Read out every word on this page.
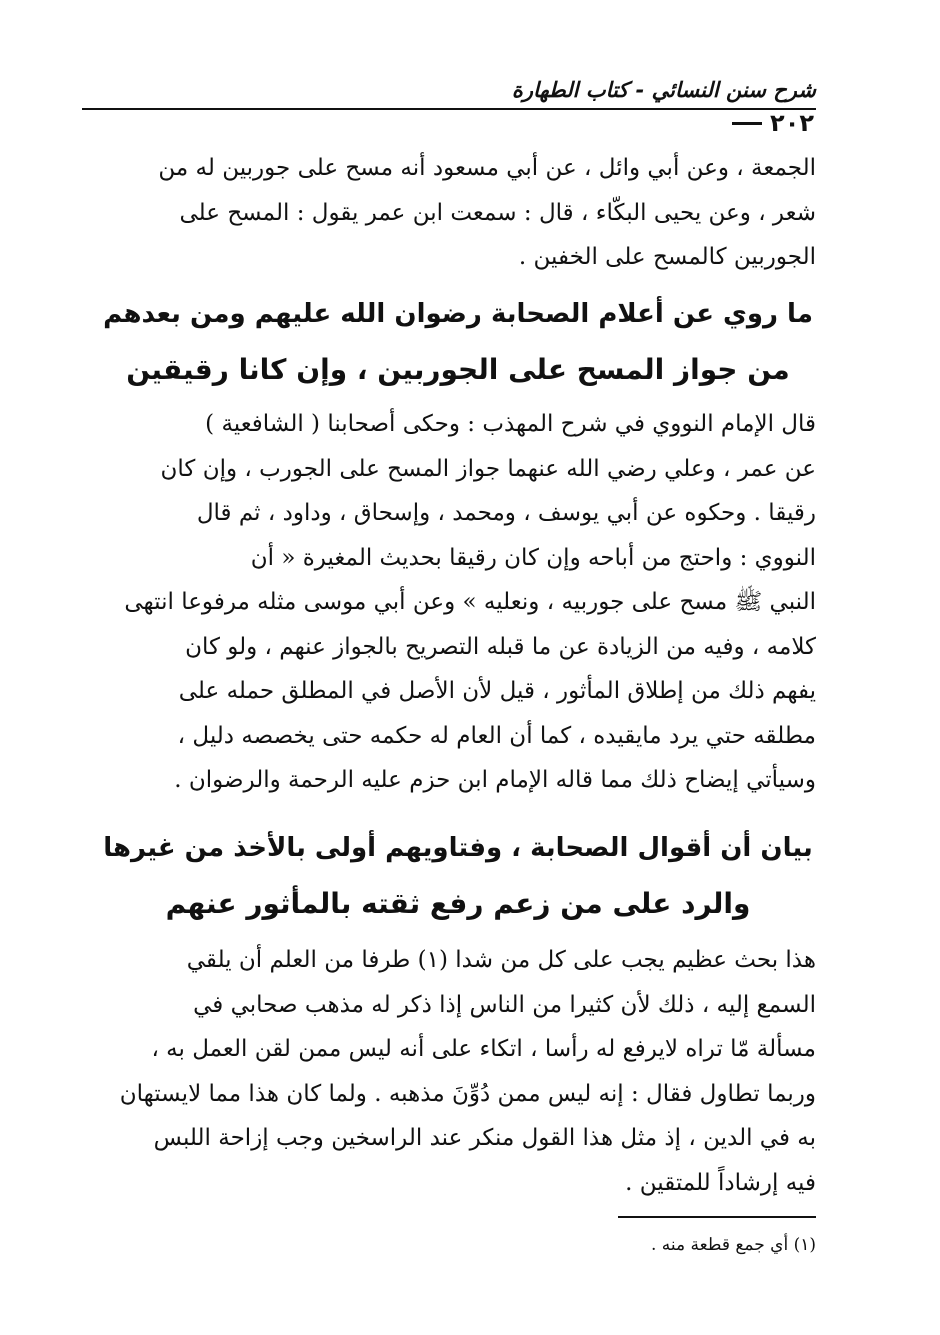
شرح سنن النسائي - كتاب الطهارة
٢٠٢

الجمعة ، وعن أبي وائل ، عن أبي مسعود أنه مسح على جوربين له من
شعر ، وعن يحيى البكّاء ، قال : سمعت ابن عمر يقول : المسح على
الجوربين كالمسح على الخفين .

ما روي عن أعلام الصحابة رضوان الله عليهم ومن بعدهم
من جواز المسح على الجوربين ، وإن كانا رقيقين

قال الإمام النووي في شرح المهذب : وحكى أصحابنا ( الشافعية )
عن عمر ، وعلي رضي الله عنهما جواز المسح على الجورب ، وإن كان
رقيقا . وحكوه عن أبي يوسف ، ومحمد ، وإسحاق ، وداود ، ثم قال
النووي : واحتج من أباحه وإن كان رقيقا بحديث المغيرة « أن
النبي ﷺ مسح على جوربيه ، ونعليه » وعن أبي موسى مثله مرفوعا انتهى
كلامه ، وفيه من الزيادة عن ما قبله التصريح بالجواز عنهم ، ولو كان
يفهم ذلك من إطلاق المأثور ، قيل لأن الأصل في المطلق حمله على
مطلقه حتي يرد مايقيده ، كما أن العام له حكمه حتى يخصصه دليل ،
وسيأتي إيضاح ذلك مما قاله الإمام ابن حزم عليه الرحمة والرضوان .

بيان أن أقوال الصحابة ، وفتاويهم أولى بالأخذ من غيرها
والرد على من زعم رفع ثقته بالمأثور عنهم

هذا بحث عظيم يجب على كل من شدا (١) طرفا من العلم أن يلقي
السمع إليه ، ذلك لأن كثيرا من الناس إذا ذكر له مذهب صحابي في
مسألة مّا تراه لايرفع له رأسا ، اتكاء على أنه ليس ممن لقن العمل به ،
وربما تطاول فقال : إنه ليس ممن دُوِّنَ مذهبه . ولما كان هذا مما لايستهان
به في الدين ، إذ مثل هذا القول منكر عند الراسخين وجب إزاحة اللبس
فيه إرشاداً للمتقين .

(١) أي جمع قطعة منه .
